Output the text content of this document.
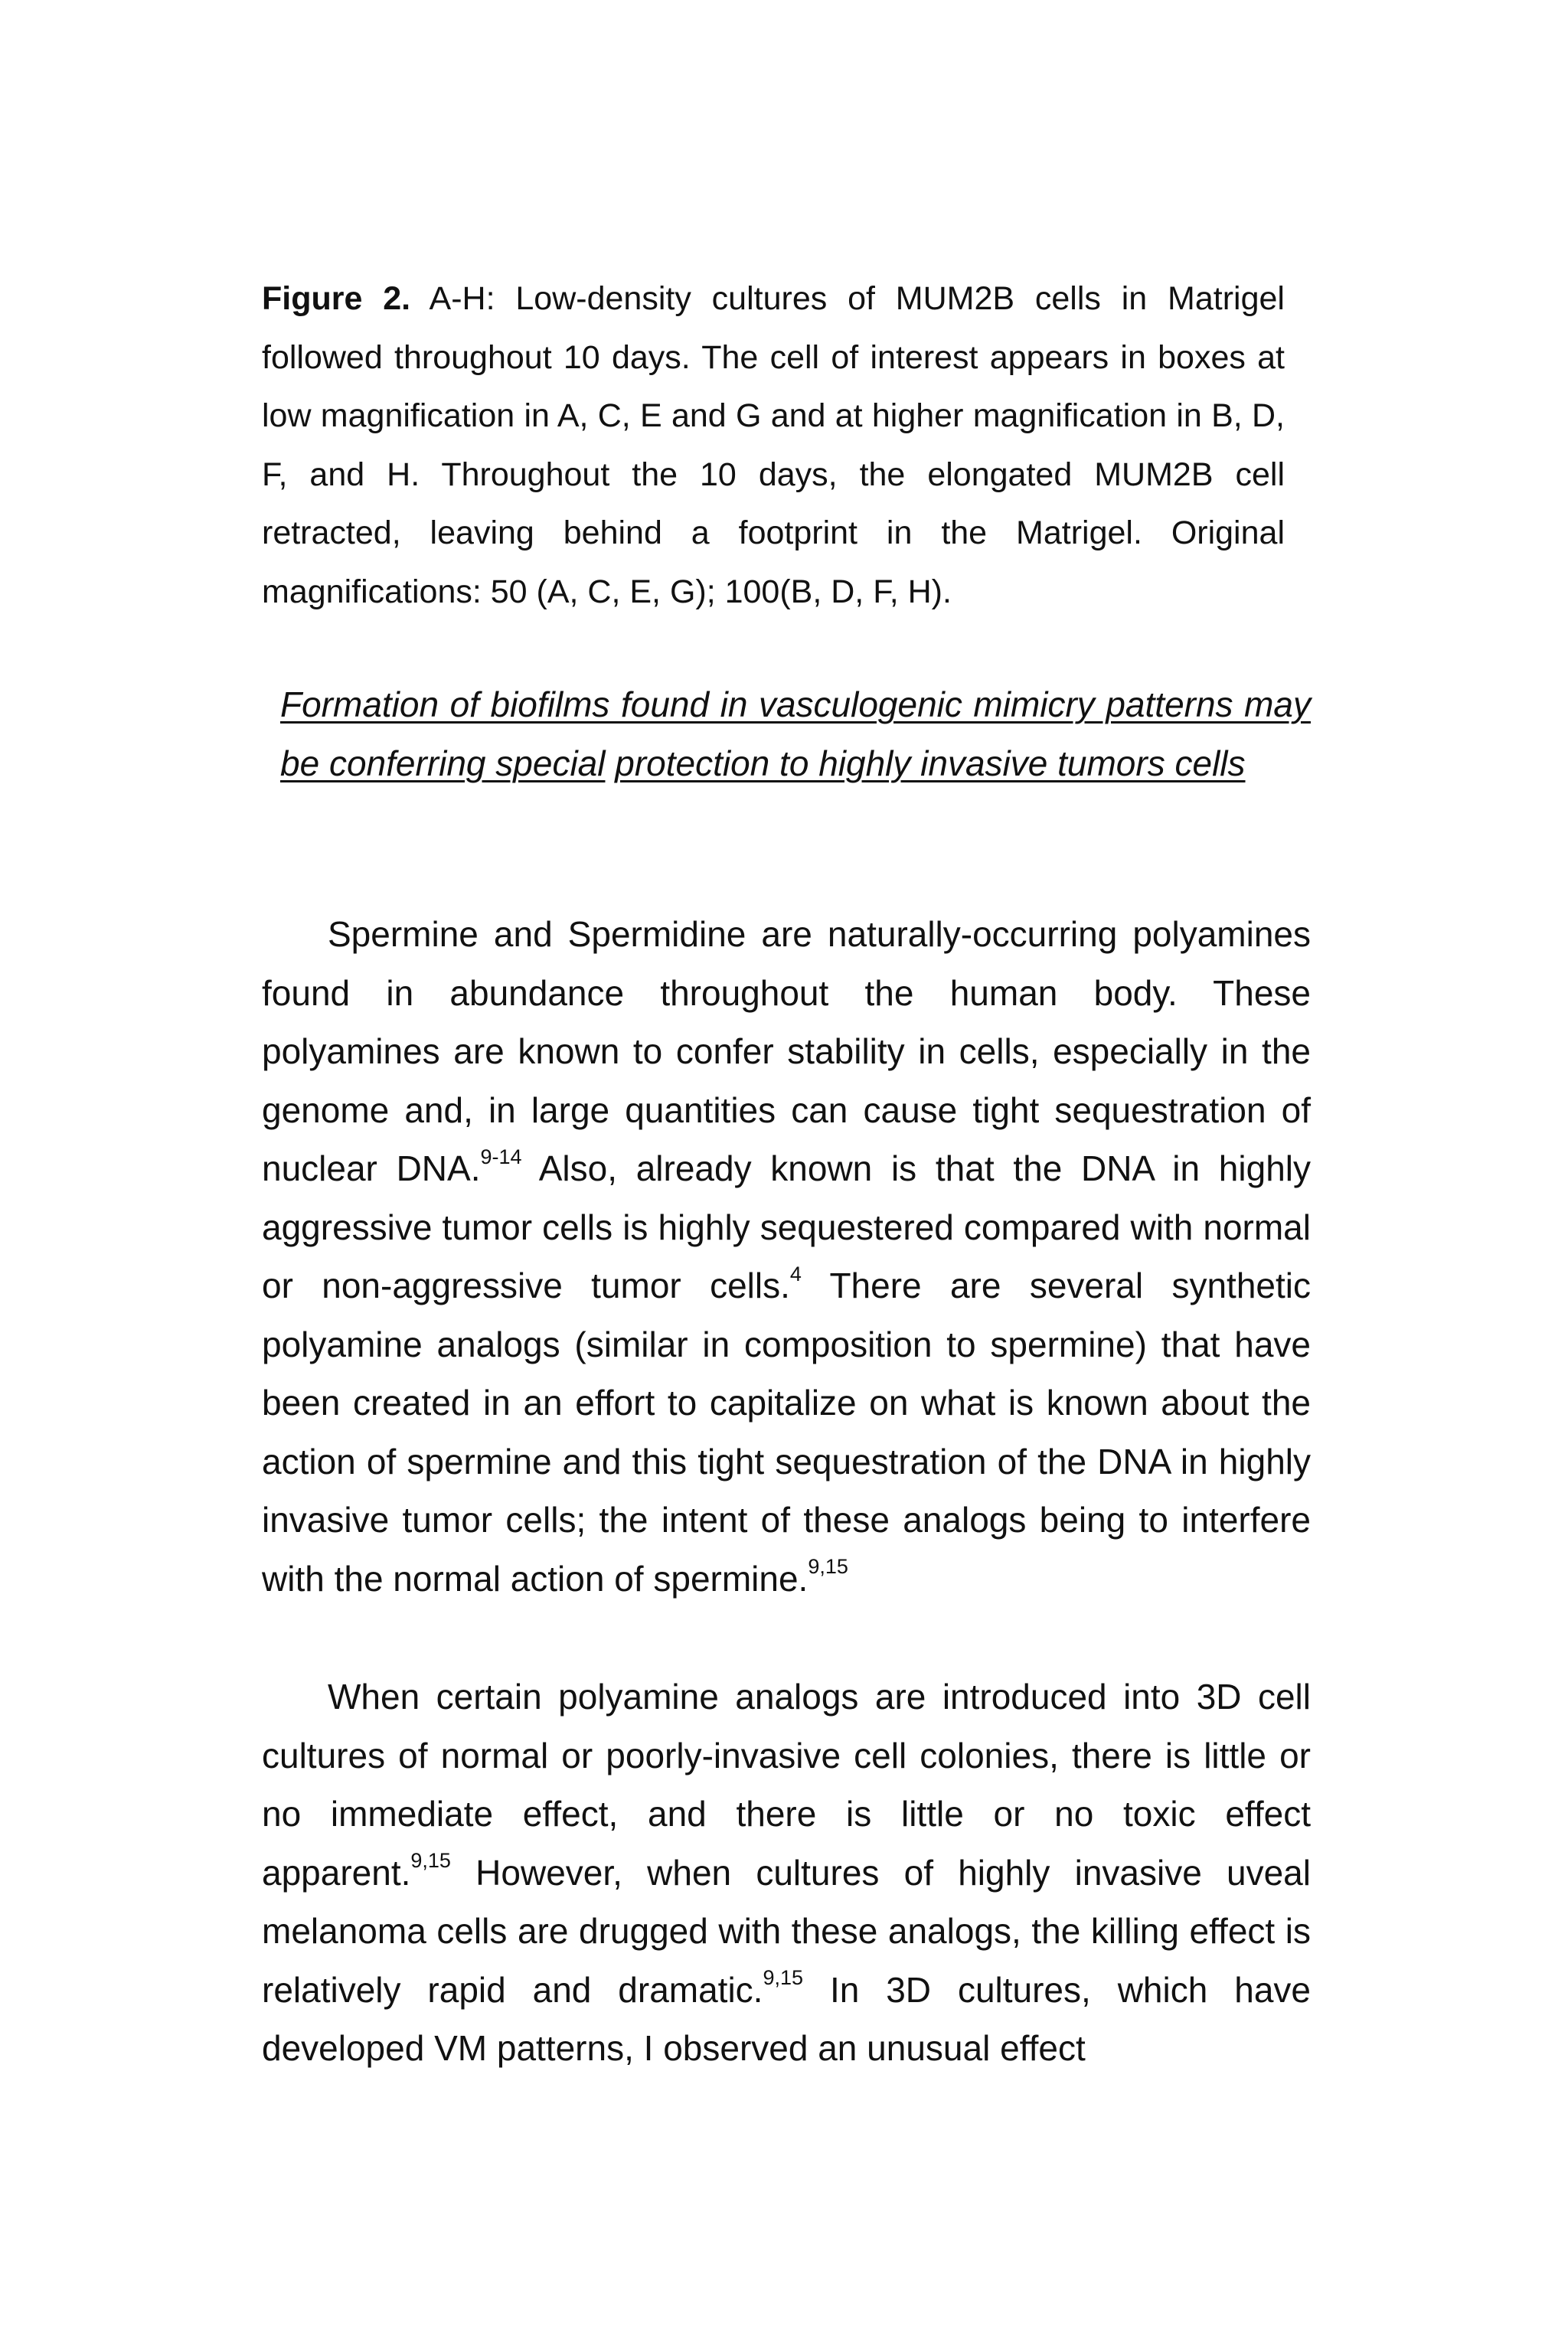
Figure 2. A-H: Low-density cultures of MUM2B cells in Matrigel followed throughout 10 days. The cell of interest appears in boxes at low magnification in A, C, E and G and at higher magnification in B, D, F, and H. Throughout the 10 days, the elongated MUM2B cell retracted, leaving behind a footprint in the Matrigel. Original magnifications: 50 (A, C, E, G); 100(B, D, F, H).

Formation of biofilms found in vasculogenic mimicry patterns may be conferring special protection to highly invasive tumors cells

Spermine and Spermidine are naturally-occurring polyamines found in abundance throughout the human body. These polyamines are known to confer stability in cells, especially in the genome and, in large quantities can cause tight sequestration of nuclear DNA.$^{9-14}$ Also, already known is that the DNA in highly aggressive tumor cells is highly sequestered compared with normal or non-aggressive tumor cells.$^4$ There are several synthetic polyamine analogs (similar in composition to spermine) that have been created in an effort to capitalize on what is known about the action of spermine and this tight sequestration of the DNA in highly invasive tumor cells; the intent of these analogs being to interfere with the normal action of spermine.$^{9,15}$

When certain polyamine analogs are introduced into 3D cell cultures of normal or poorly-invasive cell colonies, there is little or no immediate effect, and there is little or no toxic effect apparent.$^{9,15}$ However, when cultures of highly invasive uveal melanoma cells are drugged with these analogs, the killing effect is relatively rapid and dramatic.$^{9,15}$ In 3D cultures, which have developed VM patterns, I observed an unusual effect
